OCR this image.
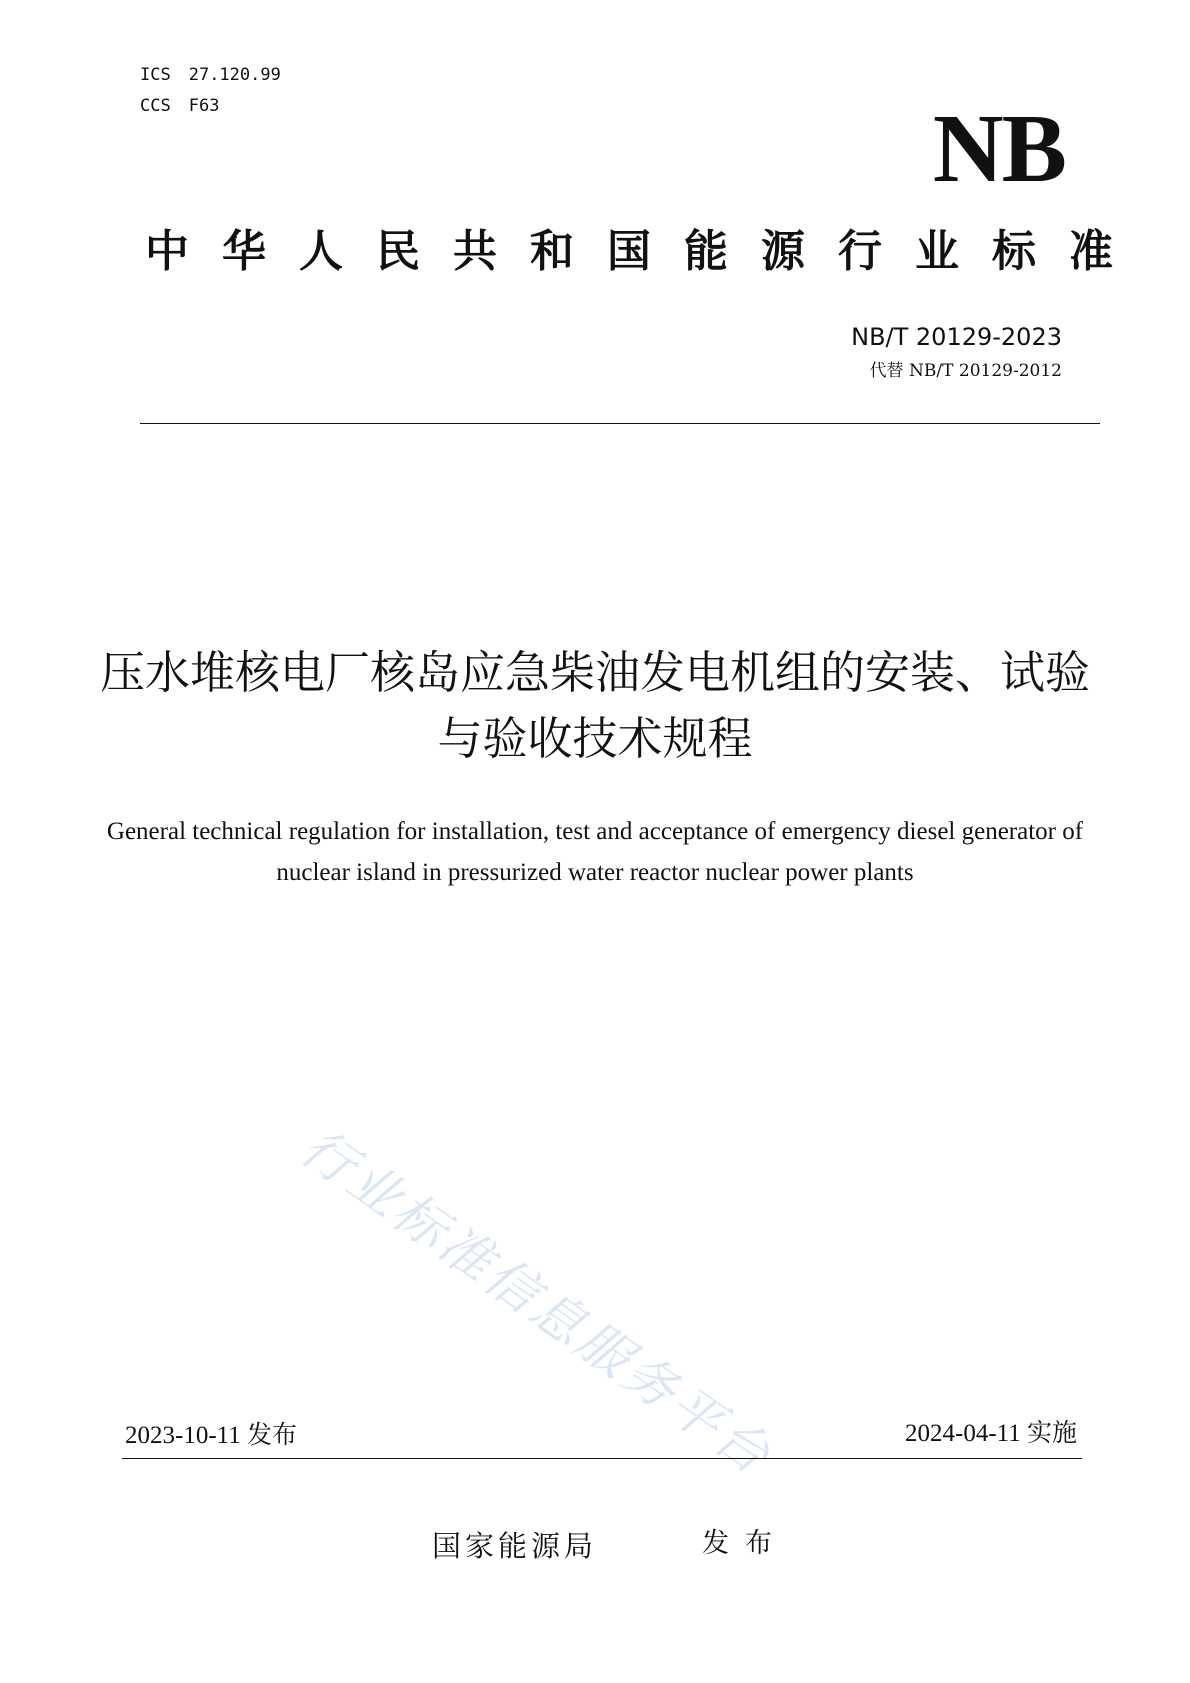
ICS 27.120.99
CCS F63	NB
中华人民共和国能源行业标准
NB/T 20129-2023
代替 NB/T 20129-2012
压水堆核电厂核岛应急柴油发电机组的安装、试验与验收技术规程
General technical regulation for installation, test and acceptance of emergency diesel generator of nuclear island in pressurized water reactor nuclear power plants
行业标准信息服务平台
2023-10-11 发布	2024-04-11 实施
国家能源局	发布
